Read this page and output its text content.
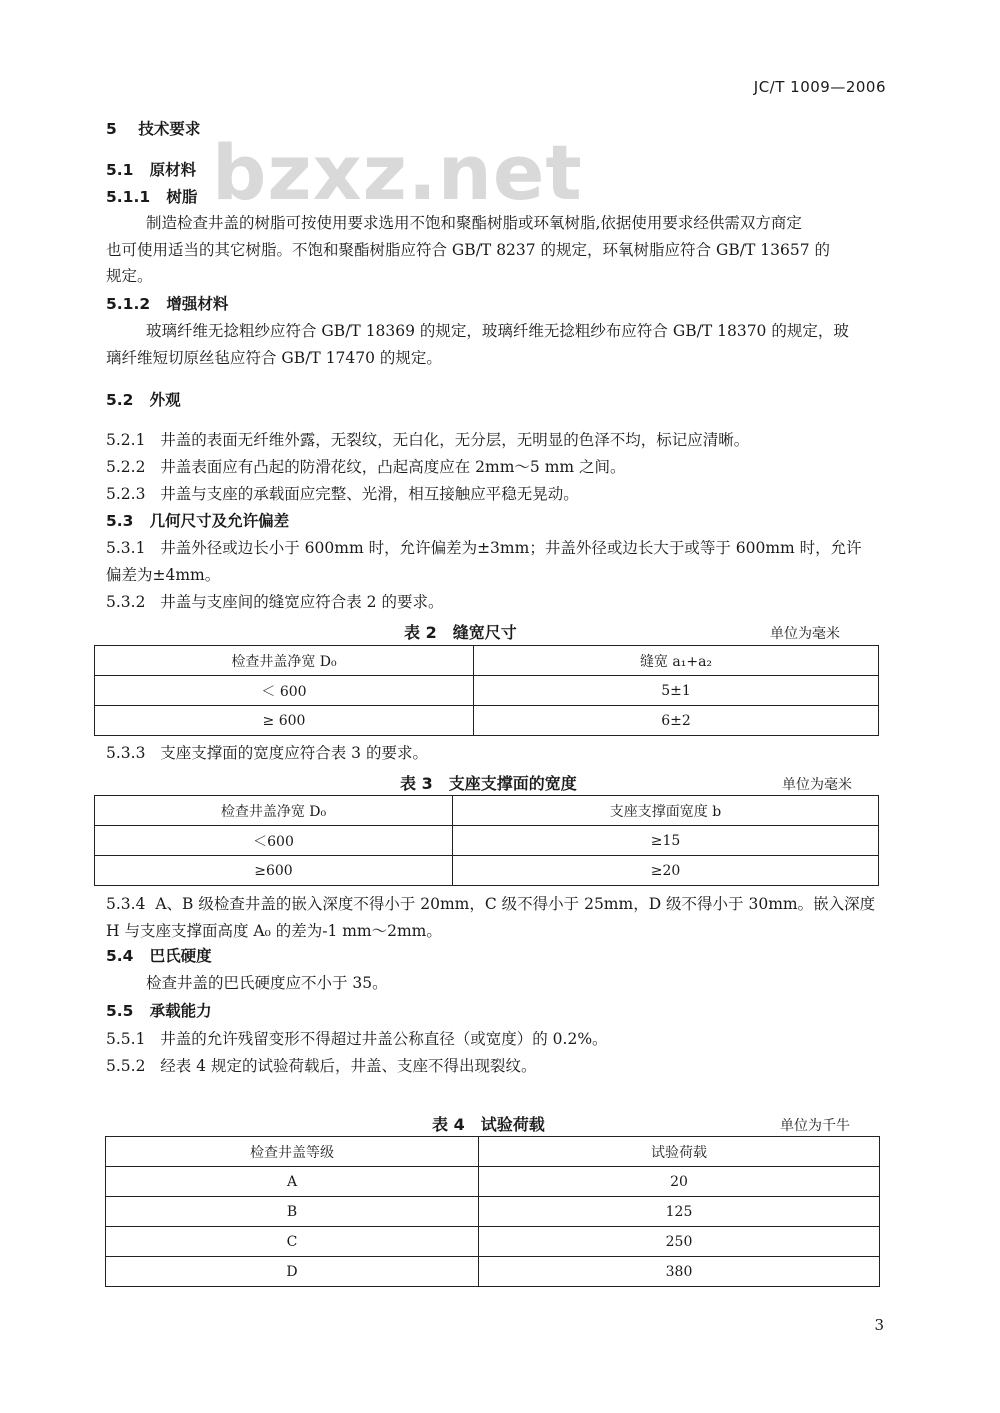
bzxz.net
JC/T 1009—2006
5 技术要求
5.1 原材料
5.1.1 树脂
制造检查井盖的树脂可按使用要求选用不饱和聚酯树脂或环氧树脂,依据使用要求经供需双方商定
也可使用适当的其它树脂。不饱和聚酯树脂应符合 GB/T 8237 的规定，环氧树脂应符合 GB/T 13657 的
规定。
5.1.2 增强材料
玻璃纤维无捻粗纱应符合 GB/T 18369 的规定，玻璃纤维无捻粗纱布应符合 GB/T 18370 的规定，玻
璃纤维短切原丝毡应符合 GB/T 17470 的规定。
5.2 外观
5.2.1 井盖的表面无纤维外露，无裂纹，无白化，无分层，无明显的色泽不均，标记应清晰。
5.2.2 井盖表面应有凸起的防滑花纹，凸起高度应在 2mm～5 mm 之间。
5.2.3 井盖与支座的承载面应完整、光滑，相互接触应平稳无晃动。
5.3 几何尺寸及允许偏差
5.3.1 井盖外径或边长小于 600mm 时，允许偏差为±3mm；井盖外径或边长大于或等于 600mm 时，允许
偏差为±4mm。
5.3.2 井盖与支座间的缝宽应符合表 2 的要求。
表 2　缝宽尺寸	单位为毫米
检查井盖净宽 D₀	缝宽 a₁+a₂
＜ 600	5±1
≥ 600	6±2
5.3.3 支座支撑面的宽度应符合表 3 的要求。
表 3　支座支撑面的宽度	单位为毫米
检查井盖净宽 D₀	支座支撑面宽度 b
＜600	≥15
≥600	≥20
5.3.4 A、B 级检查井盖的嵌入深度不得小于 20mm，C 级不得小于 25mm，D 级不得小于 30mm。嵌入深度
H 与支座支撑面高度 A₀ 的差为-1 mm～2mm。
5.4 巴氏硬度
检查井盖的巴氏硬度应不小于 35。
5.5 承载能力
5.5.1 井盖的允许残留变形不得超过井盖公称直径（或宽度）的 0.2%。
5.5.2 经表 4 规定的试验荷载后，井盖、支座不得出现裂纹。
表 4　试验荷载	单位为千牛
检查井盖等级	试验荷载
A	20
B	125
C	250
D	380
3
